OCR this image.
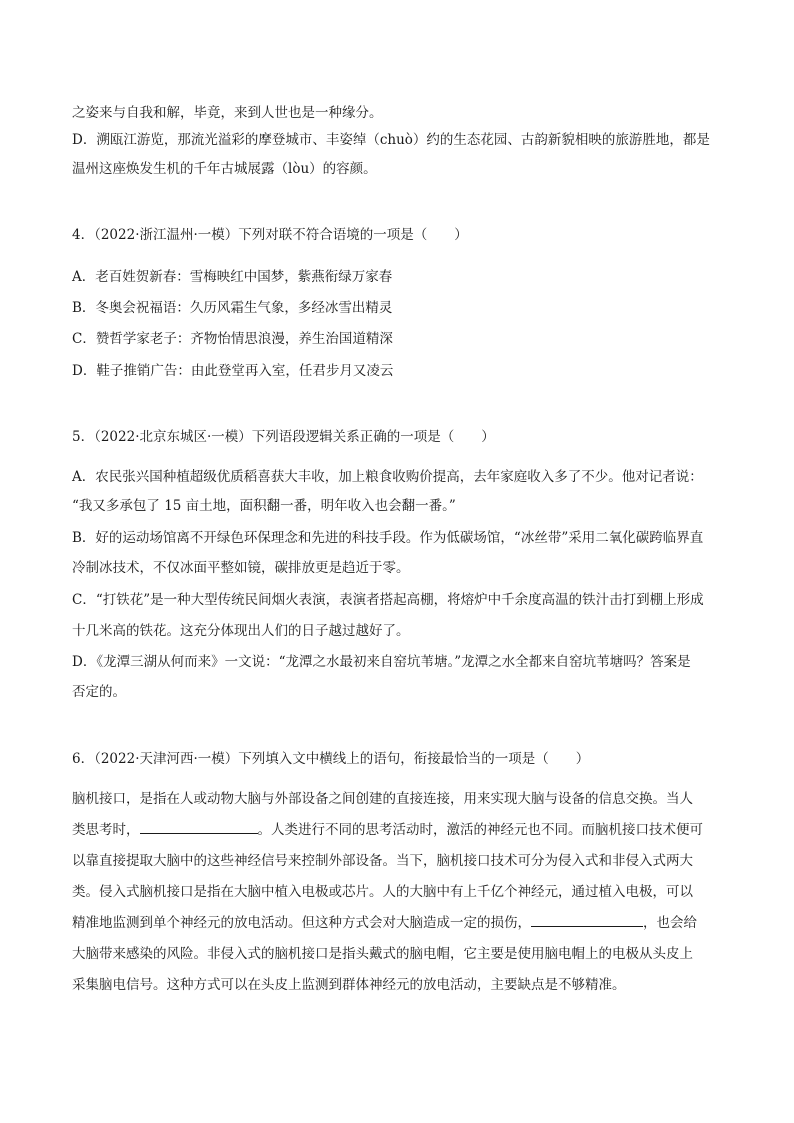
之姿来与自我和解，毕竟，来到人世也是一种缘分。
D．溯瓯江游览，那流光溢彩的摩登城市、丰姿绰（chuò）约的生态花园、古韵新貌相映的旅游胜地，都是
温州这座焕发生机的千年古城展露（lòu）的容颜。
4．（2022·浙江温州·一模）下列对联不符合语境的一项是（　　）
A．老百姓贺新春：雪梅映红中国梦，紫燕衔绿万家春
B．冬奥会祝福语：久历风霜生气象，多经冰雪出精灵
C．赞哲学家老子：齐物怡情思浪漫，养生治国道精深
D．鞋子推销广告：由此登堂再入室，任君步月又凌云
5．（2022·北京东城区·一模）下列语段逻辑关系正确的一项是（　　）
A．农民张兴国种植超级优质稻喜获大丰收，加上粮食收购价提高，去年家庭收入多了不少。他对记者说：
“我又多承包了 15 亩土地，面积翻一番，明年收入也会翻一番。”
B．好的运动场馆离不开绿色环保理念和先进的科技手段。作为低碳场馆，“冰丝带”采用二氧化碳跨临界直
冷制冰技术，不仅冰面平整如镜，碳排放更是趋近于零。
C．“打铁花”是一种大型传统民间烟火表演，表演者搭起高棚，将熔炉中千余度高温的铁汁击打到棚上形成
十几米高的铁花。这充分体现出人们的日子越过越好了。
D．《龙潭三湖从何而来》一文说：“龙潭之水最初来自窑坑苇塘。”龙潭之水全都来自窑坑苇塘吗？答案是
否定的。
6．（2022·天津河西·一模）下列填入文中横线上的语句，衔接最恰当的一项是（　　）
脑机接口，是指在人或动物大脑与外部设备之间创建的直接连接，用来实现大脑与设备的信息交换。当人
类思考时，	。人类进行不同的思考活动时，激活的神经元也不同。而脑机接口技术便可
以靠直接提取大脑中的这些神经信号来控制外部设备。当下，脑机接口技术可分为侵入式和非侵入式两大
类。侵入式脑机接口是指在大脑中植入电极或芯片。人的大脑中有上千亿个神经元，通过植入电极，可以
精准地监测到单个神经元的放电活动。但这种方式会对大脑造成一定的损伤，	，也会给
大脑带来感染的风险。非侵入式的脑机接口是指头戴式的脑电帽，它主要是使用脑电帽上的电极从头皮上
采集脑电信号。这种方式可以在头皮上监测到群体神经元的放电活动，主要缺点是不够精准。
